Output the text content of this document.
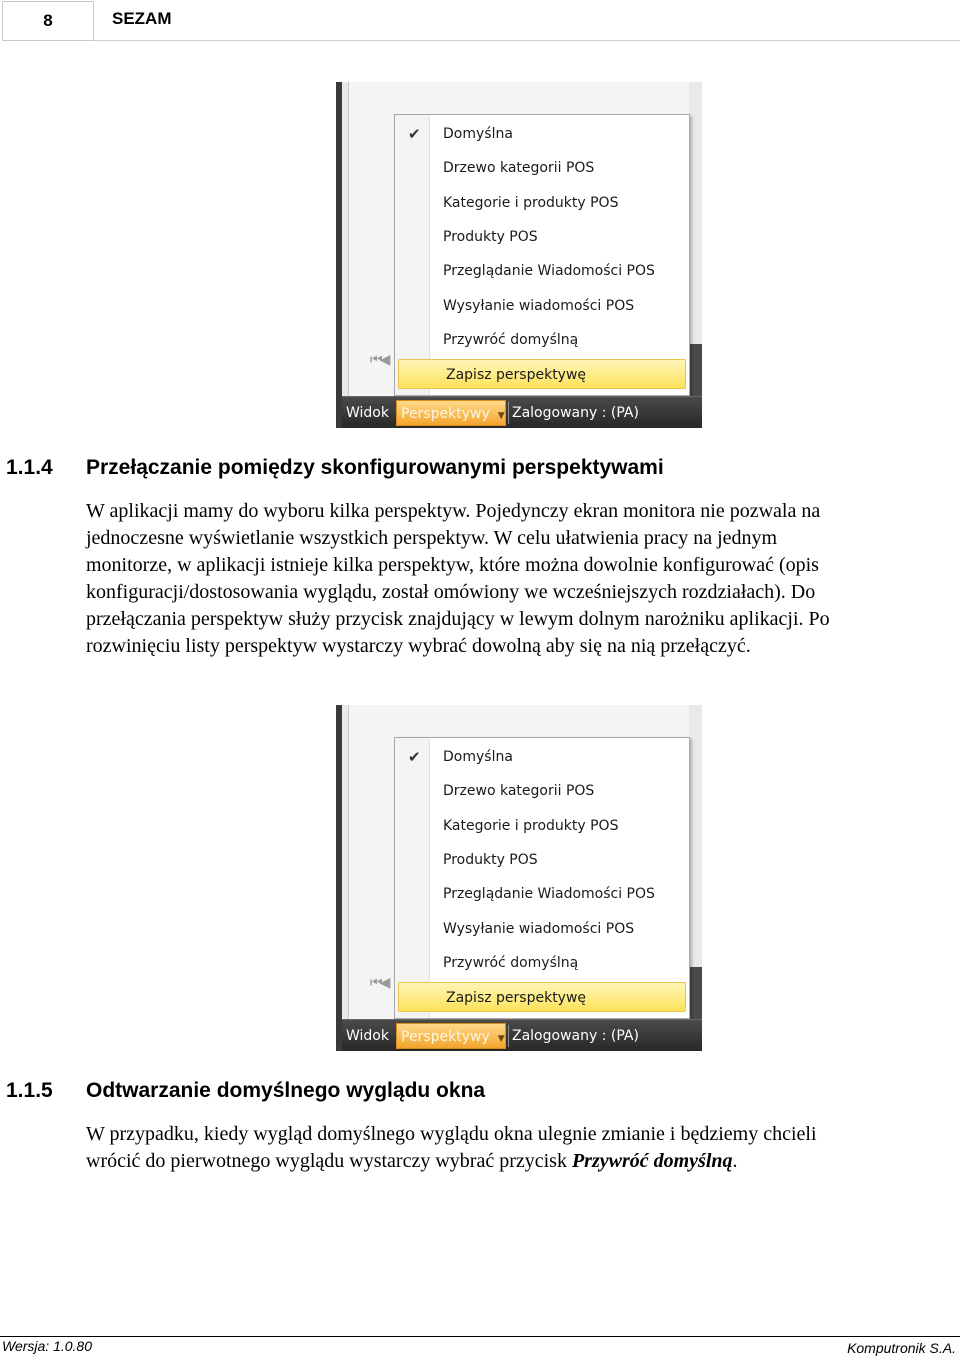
8	SEZAM
⏮◀
✔ Domyślna
Drzewo kategorii POS
Kategorie i produkty POS
Produkty POS
Przeglądanie Wiadomości POS
Wysyłanie wiadomości POS
Przywróć domyślną
Zapisz perspektywę
Widok Perspektywy ▼ Zalogowany : (PA)
1.1.4 Przełączanie pomiędzy skonfigurowanymi perspektywami

W aplikacji mamy do wyboru kilka perspektyw. Pojedynczy ekran monitora nie pozwala na
jednoczesne wyświetlanie wszystkich perspektyw. W celu ułatwienia pracy na jednym
monitorze, w aplikacji istnieje kilka perspektyw, które można dowolnie konfigurować (opis
konfiguracji/dostosowania wyglądu, został omówiony we wcześniejszych rozdziałach). Do
przełączania perspektyw służy przycisk znajdujący w lewym dolnym narożniku aplikacji. Po
rozwinięciu listy perspektyw wystarczy wybrać dowolną aby się na nią przełączyć.

⏮◀
✔ Domyślna
Drzewo kategorii POS
Kategorie i produkty POS
Produkty POS
Przeglądanie Wiadomości POS
Wysyłanie wiadomości POS
Przywróć domyślną
Zapisz perspektywę
Widok Perspektywy ▼ Zalogowany : (PA)
1.1.5 Odtwarzanie domyślnego wyglądu okna

W przypadku, kiedy wygląd domyślnego wyglądu okna ulegnie zmianie i będziemy chcieli
wrócić do pierwotnego wyglądu wystarczy wybrać przycisk Przywróć domyślną.

Wersja: 1.0.80	Komputronik S.A.
